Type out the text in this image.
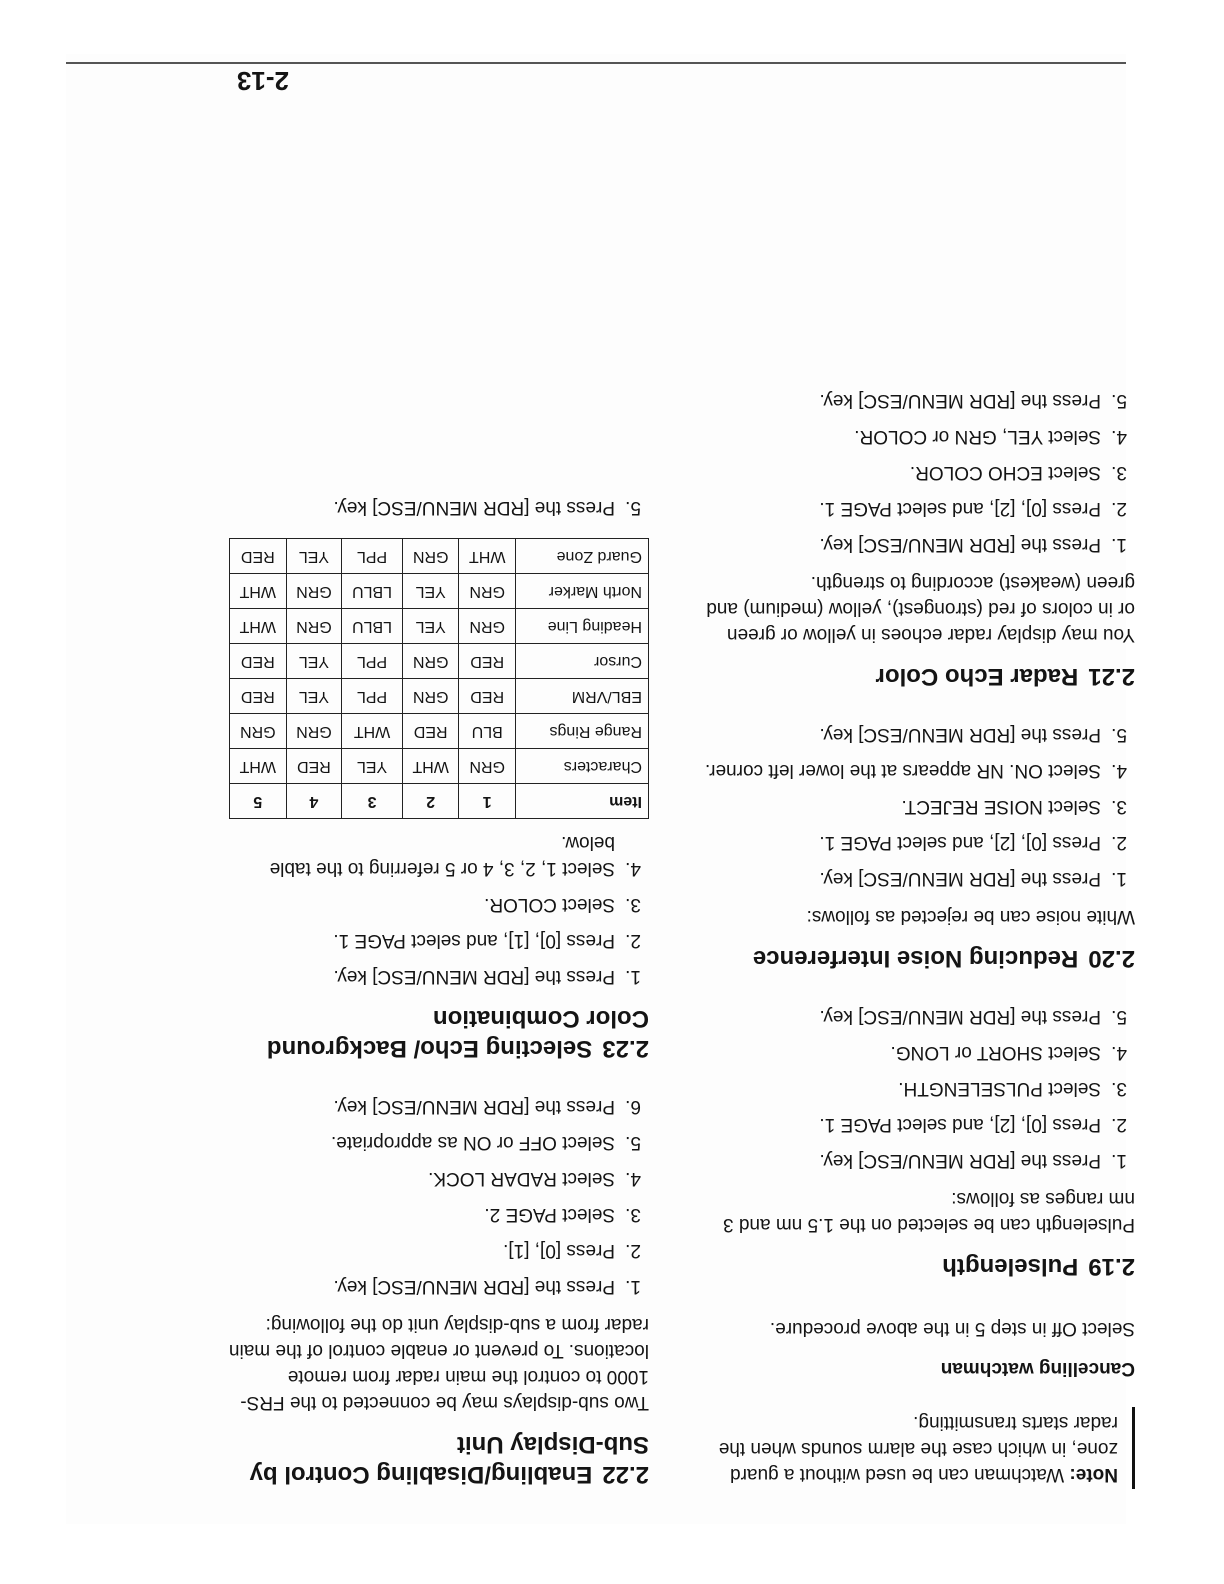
Note: Watchman can be used without a guard zone, in which case the alarm sounds when the radar starts transmitting.
Cancelling watchman

Select Off in step 5 in the above procedure.

2.19Pulselength

Pulselength can be selected on the 1.5 nm and 3 nm ranges as follows:

1.
Press the [RDR MENU/ESC] key.
2.
Press [0], [2], and select PAGE 1.
3.
Select PULSELENGTH.
4.
Select SHORT or LONG.
5.
Press the [RDR MENU/ESC] key.
2.20Reducing Noise Interference

White noise can be rejected as follows:

1.
Press the [RDR MENU/ESC] key.
2.
Press [0], [2], and select PAGE 1.
3.
Select NOISE REJECT.
4.
Select ON. NR appears at the lower left corner.
5.
Press the [RDR MENU/ESC] key.
2.21Radar Echo Color

You may display radar echoes in yellow or green or in colors of red (strongest), yellow (medium) and green (weakest) according to strength.

1.
Press the [RDR MENU/ESC] key.
2.
Press [0], [2], and select PAGE 1.
3.
Select ECHO COLOR.
4.
Select YEL, GRN or COLOR.
5.
Press the [RDR MENU/ESC] key.
2.22Enabling/Disabling Control by Sub-Display Unit

Two sub-displays may be connected to the FRS-1000 to control the main radar from remote locations. To prevent or enable control of the main radar from a sub-display unit do the following:

1.
Press the [RDR MENU/ESC] key.
2.
Press [0], [1].
3.
Select PAGE 2.
4.
Select RADAR LOCK.
5.
Select OFF or ON as appropriate.
6.
Press the [RDR MENU/ESC] key.
2.23Selecting Echo/ Background Color Combination
1.
Press the [RDR MENU/ESC] key.
2.
Press [0], [1], and select PAGE 1.
3.
Select COLOR.
4.
Select 1, 2, 3, 4 or 5 referring to the table below.
Item	1	2	3	4	5
Characters	GRN	WHT	YEL	RED	WHT
Range Rings	BLU	RED	WHT	GRN	GRN
EBL/VRM	RED	GRN	PPL	YEL	RED
Cursor	RED	GRN	PPL	YEL	RED
Heading Line	GRN	YEL	LBLU	GRN	WHT
North Marker	GRN	YEL	LBLU	GRN	WHT
Guard Zone	WHT	GRN	PPL	YEL	RED
5.
Press the [RDR MENU/ESC] key.
2-13
